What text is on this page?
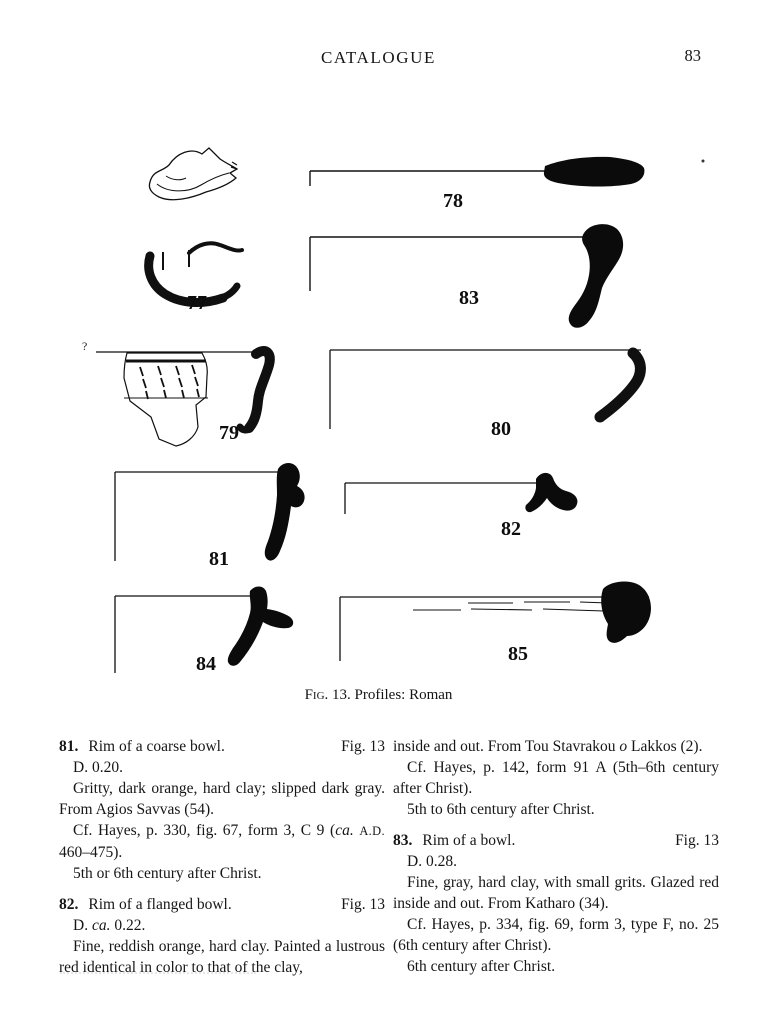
CATALOGUE	83
?
77
78
83
79	80
81
82
84	85
Fig. 13. Profiles: Roman
81. Rim of a coarse bowl.	Fig. 13

D. 0.20.

Gritty, dark orange, hard clay; slipped dark gray. From Agios Savvas (54).

Cf. Hayes, p. 330, fig. 67, form 3, C 9 (ca. A.D. 460–475).

5th or 6th century after Christ.

82. Rim of a flanged bowl.	Fig. 13

D. ca. 0.22.

Fine, reddish orange, hard clay. Painted a lustrous red identical in color to that of the clay,

inside and out. From Tou Stavrakou o Lakkos (2).

Cf. Hayes, p. 142, form 91 A (5th–6th century after Christ).

5th to 6th century after Christ.

83. Rim of a bowl.	Fig. 13

D. 0.28.

Fine, gray, hard clay, with small grits. Glazed red inside and out. From Katharo (34).

Cf. Hayes, p. 334, fig. 69, form 3, type F, no. 25 (6th century after Christ).

6th century after Christ.
